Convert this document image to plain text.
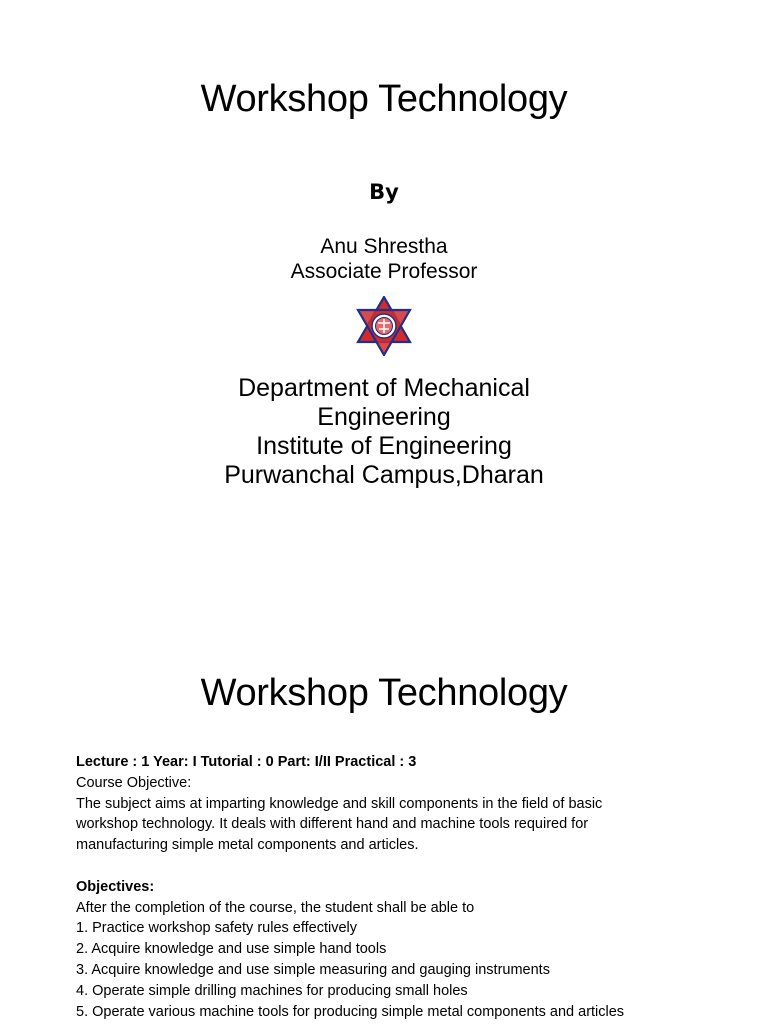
Workshop Technology
By
Anu Shrestha
Associate Professor
Department of Mechanical
Engineering
Institute of Engineering
Purwanchal Campus,Dharan
Workshop Technology
Lecture : 1 Year: I Tutorial : 0 Part: I/II Practical : 3
Course Objective:
The subject aims at imparting knowledge and skill components in the field of basic
workshop technology. It deals with different hand and machine tools required for
manufacturing simple metal components and articles.
Objectives:
After the completion of the course, the student shall be able to
1. Practice workshop safety rules effectively
2. Acquire knowledge and use simple hand tools
3. Acquire knowledge and use simple measuring and gauging instruments
4. Operate simple drilling machines for producing small holes
5. Operate various machine tools for producing simple metal components and articles
